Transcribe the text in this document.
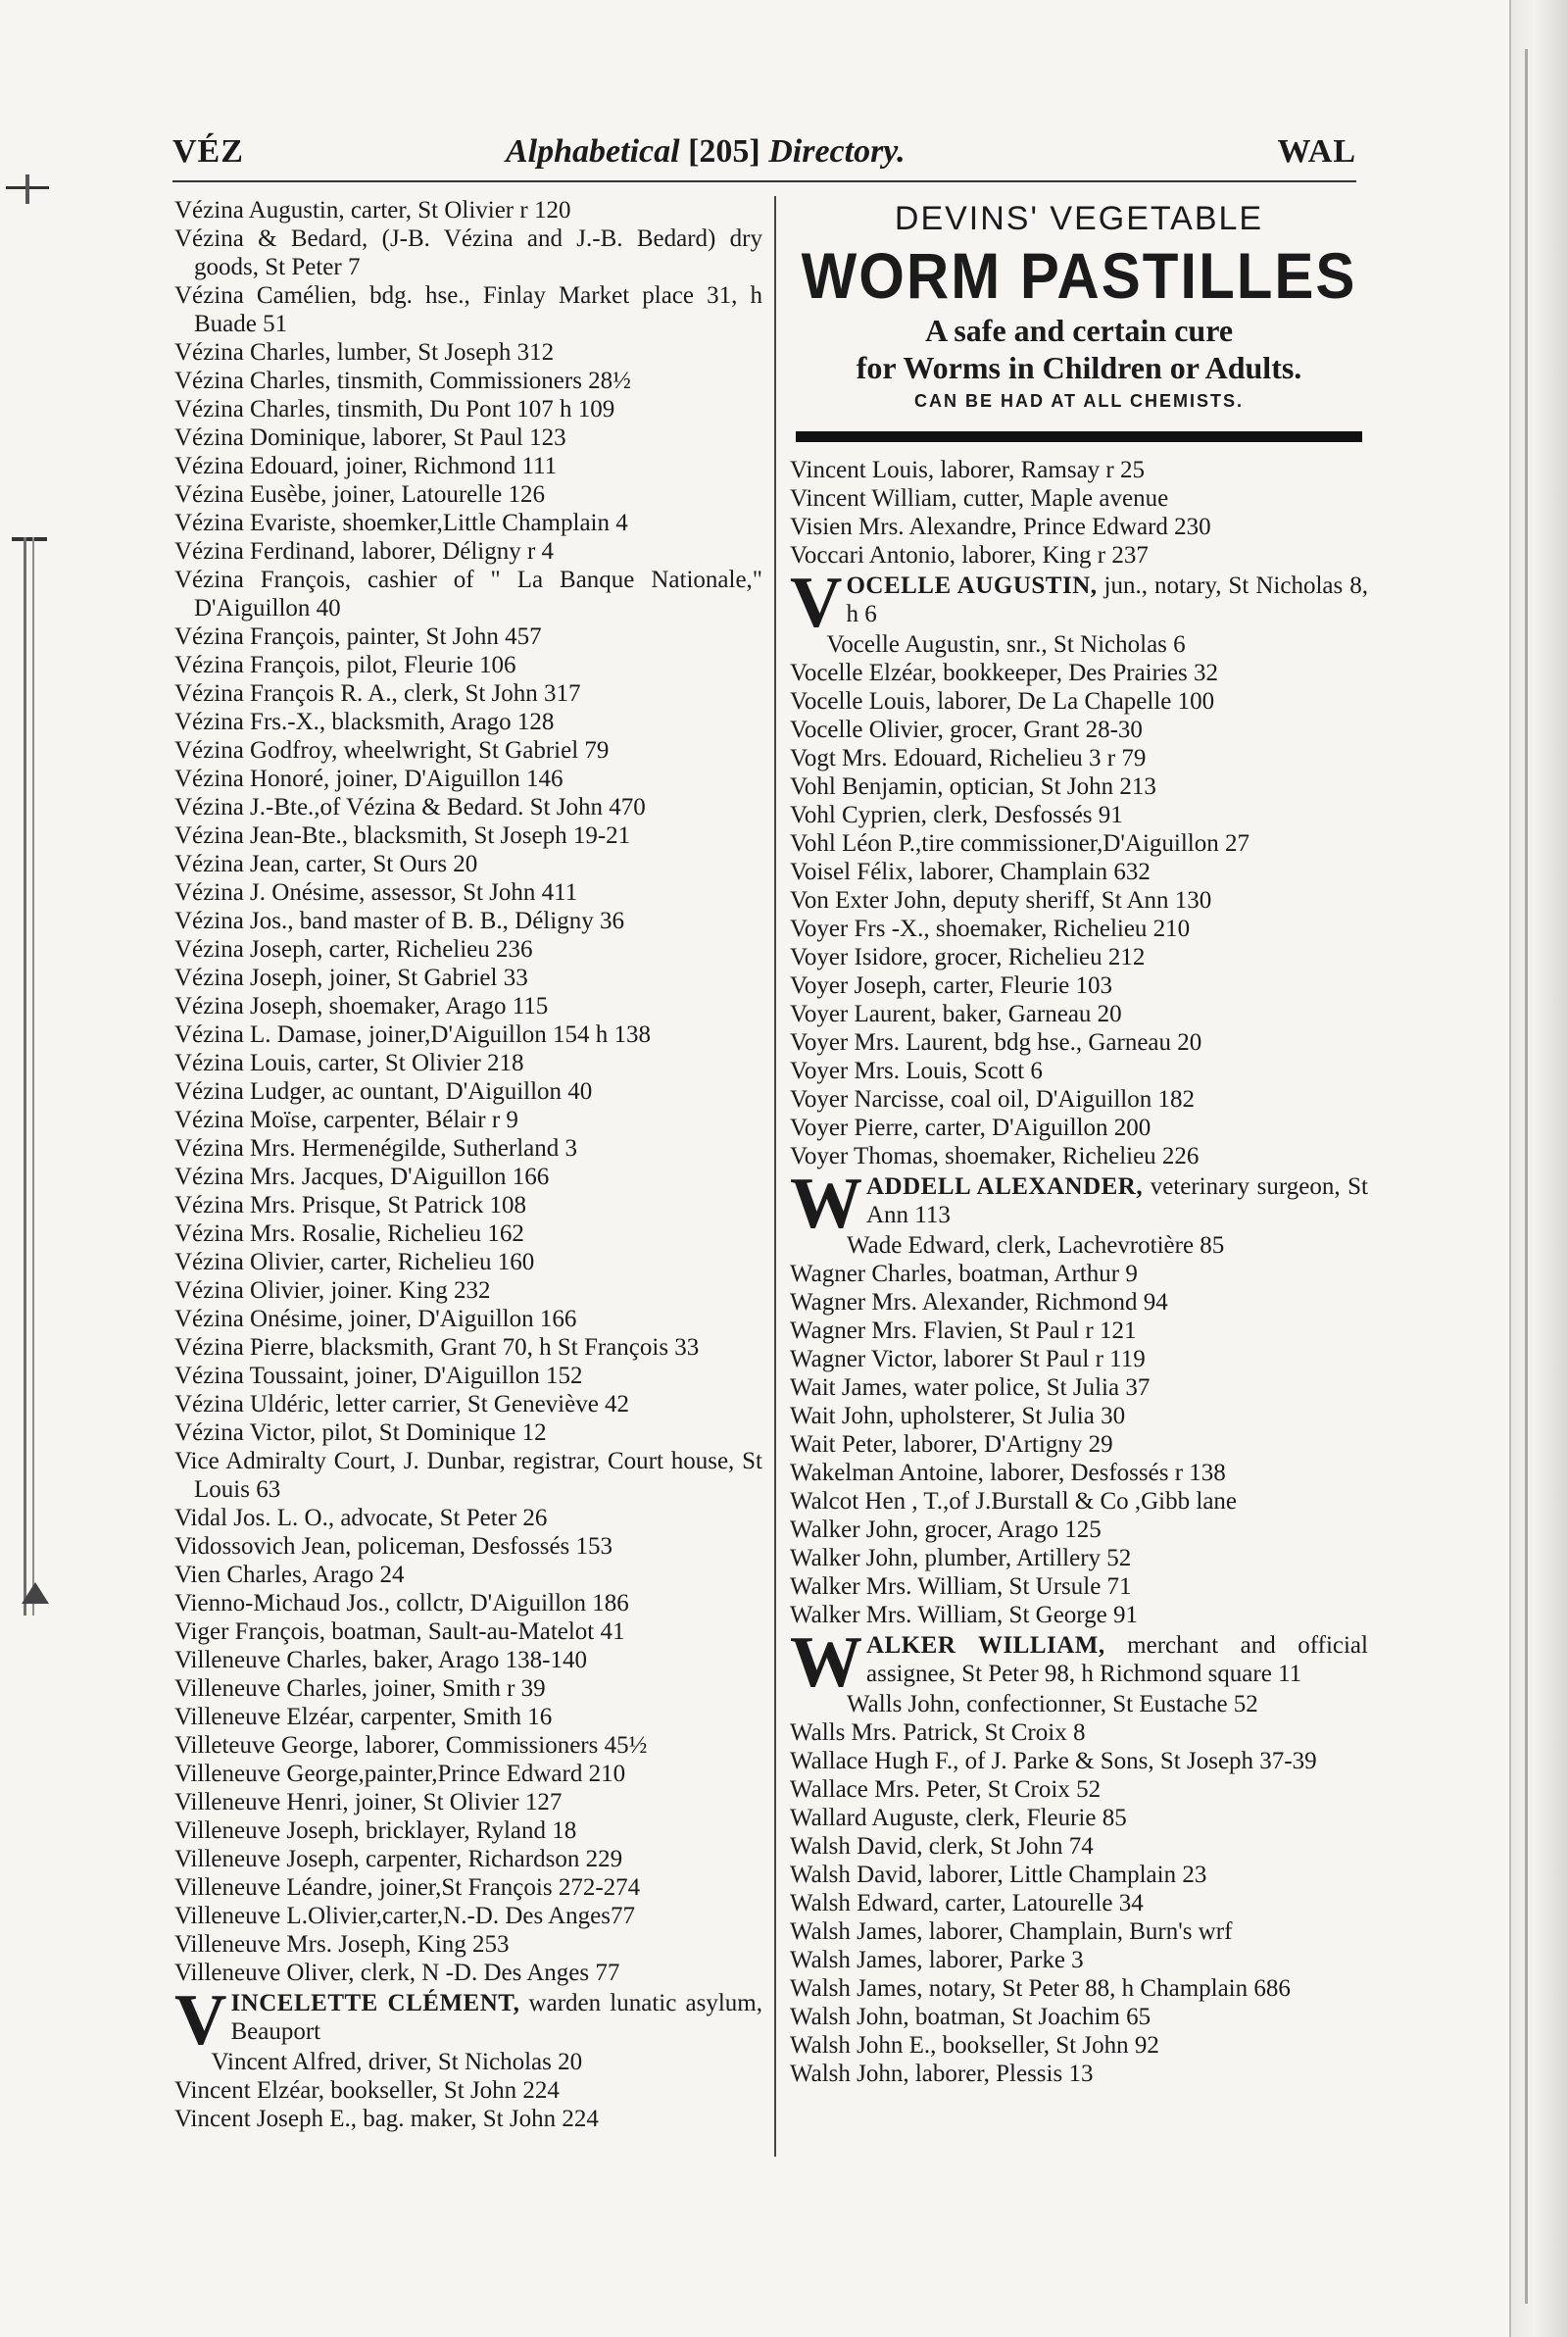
VÉZ	Alphabetical [205] Directory.	WAL
Vézina Augustin, carter, St Olivier r 120
Vézina & Bedard, (J-B. Vézina and J.-B. Bedard) dry goods, St Peter 7
Vézina Camélien, bdg. hse., Finlay Market place 31, h Buade 51
Vézina Charles, lumber, St Joseph 312
Vézina Charles, tinsmith, Commissioners 28½
Vézina Charles, tinsmith, Du Pont 107 h 109
Vézina Dominique, laborer, St Paul 123
Vézina Edouard, joiner, Richmond 111
Vézina Eusèbe, joiner, Latourelle 126
Vézina Evariste, shoemker,Little Champlain 4
Vézina Ferdinand, laborer, Déligny r 4
Vézina François, cashier of " La Banque Nationale," D'Aiguillon 40
Vézina François, painter, St John 457
Vézina François, pilot, Fleurie 106
Vézina François R. A., clerk, St John 317
Vézina Frs.-X., blacksmith, Arago 128
Vézina Godfroy, wheelwright, St Gabriel 79
Vézina Honoré, joiner, D'Aiguillon 146
Vézina J.-Bte.,of Vézina & Bedard. St John 470
Vézina Jean-Bte., blacksmith, St Joseph 19-21
Vézina Jean, carter, St Ours 20
Vézina J. Onésime, assessor, St John 411
Vézina Jos., band master of B. B., Déligny 36
Vézina Joseph, carter, Richelieu 236
Vézina Joseph, joiner, St Gabriel 33
Vézina Joseph, shoemaker, Arago 115
Vézina L. Damase, joiner,D'Aiguillon 154 h 138
Vézina Louis, carter, St Olivier 218
Vézina Ludger, ac ountant, D'Aiguillon 40
Vézina Moïse, carpenter, Bélair r 9
Vézina Mrs. Hermenégilde, Sutherland 3
Vézina Mrs. Jacques, D'Aiguillon 166
Vézina Mrs. Prisque, St Patrick 108
Vézina Mrs. Rosalie, Richelieu 162
Vézina Olivier, carter, Richelieu 160
Vézina Olivier, joiner. King 232
Vézina Onésime, joiner, D'Aiguillon 166
Vézina Pierre, blacksmith, Grant 70, h St François 33
Vézina Toussaint, joiner, D'Aiguillon 152
Vézina Uldéric, letter carrier, St Geneviève 42
Vézina Victor, pilot, St Dominique 12
Vice Admiralty Court, J. Dunbar, registrar, Court house, St Louis 63
Vidal Jos. L. O., advocate, St Peter 26
Vidossovich Jean, policeman, Desfossés 153
Vien Charles, Arago 24
Vienno-Michaud Jos., collctr, D'Aiguillon 186
Viger François, boatman, Sault-au-Matelot 41
Villeneuve Charles, baker, Arago 138-140
Villeneuve Charles, joiner, Smith r 39
Villeneuve Elzéar, carpenter, Smith 16
Villeteuve George, laborer, Commissioners 45½
Villeneuve George,painter,Prince Edward 210
Villeneuve Henri, joiner, St Olivier 127
Villeneuve Joseph, bricklayer, Ryland 18
Villeneuve Joseph, carpenter, Richardson 229
Villeneuve Léandre, joiner,St François 272-274
Villeneuve L.Olivier,carter,N.-D. Des Anges77
Villeneuve Mrs. Joseph, King 253
Villeneuve Oliver, clerk, N -D. Des Anges 77
V INCELETTE CLÉMENT, warden lunatic asylum, Beauport
Vincent Alfred, driver, St Nicholas 20
Vincent Elzéar, bookseller, St John 224
Vincent Joseph E., bag. maker, St John 224
DEVINS' VEGETABLE
WORM PASTILLES
A safe and certain cure
for Worms in Children or Adults.
CAN BE HAD AT ALL CHEMISTS.
Vincent Louis, laborer, Ramsay r 25
Vincent William, cutter, Maple avenue
Visien Mrs. Alexandre, Prince Edward 230
Voccari Antonio, laborer, King r 237
V OCELLE AUGUSTIN, jun., notary, St Nicholas 8, h 6
Vocelle Augustin, snr., St Nicholas 6
Vocelle Elzéar, bookkeeper, Des Prairies 32
Vocelle Louis, laborer, De La Chapelle 100
Vocelle Olivier, grocer, Grant 28-30
Vogt Mrs. Edouard, Richelieu 3 r 79
Vohl Benjamin, optician, St John 213
Vohl Cyprien, clerk, Desfossés 91
Vohl Léon P.,tire commissioner,D'Aiguillon 27
Voisel Félix, laborer, Champlain 632
Von Exter John, deputy sheriff, St Ann 130
Voyer Frs -X., shoemaker, Richelieu 210
Voyer Isidore, grocer, Richelieu 212
Voyer Joseph, carter, Fleurie 103
Voyer Laurent, baker, Garneau 20
Voyer Mrs. Laurent, bdg hse., Garneau 20
Voyer Mrs. Louis, Scott 6
Voyer Narcisse, coal oil, D'Aiguillon 182
Voyer Pierre, carter, D'Aiguillon 200
Voyer Thomas, shoemaker, Richelieu 226
W ADDELL ALEXANDER, veterinary surgeon, St Ann 113
Wade Edward, clerk, Lachevrotière 85
Wagner Charles, boatman, Arthur 9
Wagner Mrs. Alexander, Richmond 94
Wagner Mrs. Flavien, St Paul r 121
Wagner Victor, laborer St Paul r 119
Wait James, water police, St Julia 37
Wait John, upholsterer, St Julia 30
Wait Peter, laborer, D'Artigny 29
Wakelman Antoine, laborer, Desfossés r 138
Walcot Hen , T.,of J.Burstall & Co ,Gibb lane
Walker John, grocer, Arago 125
Walker John, plumber, Artillery 52
Walker Mrs. William, St Ursule 71
Walker Mrs. William, St George 91
W ALKER WILLIAM, merchant and official assignee, St Peter 98, h Richmond square 11
Walls John, confectionner, St Eustache 52
Walls Mrs. Patrick, St Croix 8
Wallace Hugh F., of J. Parke & Sons, St Joseph 37-39
Wallace Mrs. Peter, St Croix 52
Wallard Auguste, clerk, Fleurie 85
Walsh David, clerk, St John 74
Walsh David, laborer, Little Champlain 23
Walsh Edward, carter, Latourelle 34
Walsh James, laborer, Champlain, Burn's wrf
Walsh James, laborer, Parke 3
Walsh James, notary, St Peter 88, h Champlain 686
Walsh John, boatman, St Joachim 65
Walsh John E., bookseller, St John 92
Walsh John, laborer, Plessis 13
